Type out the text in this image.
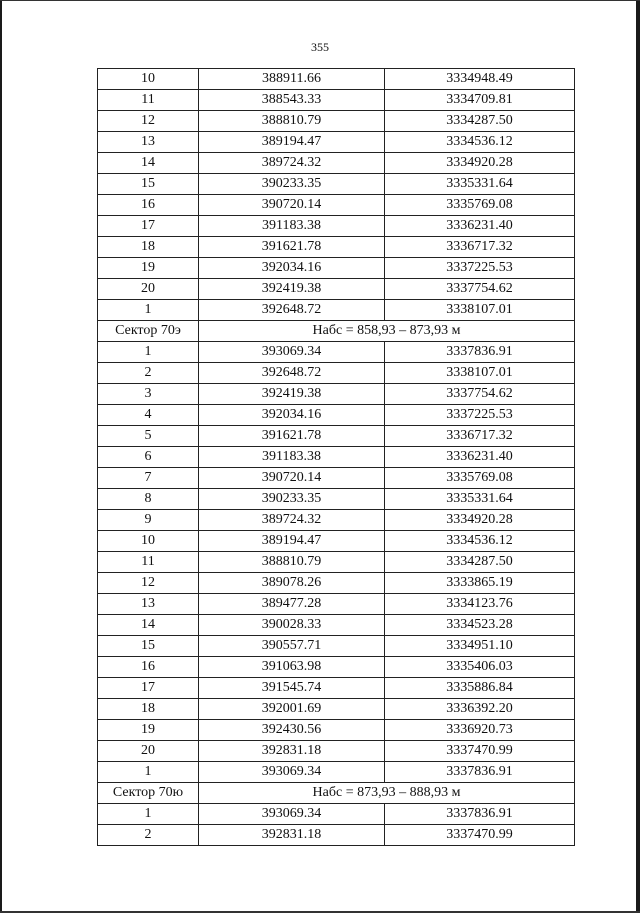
355
10	388911.66	3334948.49
11	388543.33	3334709.81
12	388810.79	3334287.50
13	389194.47	3334536.12
14	389724.32	3334920.28
15	390233.35	3335331.64
16	390720.14	3335769.08
17	391183.38	3336231.40
18	391621.78	3336717.32
19	392034.16	3337225.53
20	392419.38	3337754.62
1	392648.72	3338107.01
Сектор 70э	Набс = 858,93 – 873,93 м	
1	393069.34	3337836.91
2	392648.72	3338107.01
3	392419.38	3337754.62
4	392034.16	3337225.53
5	391621.78	3336717.32
6	391183.38	3336231.40
7	390720.14	3335769.08
8	390233.35	3335331.64
9	389724.32	3334920.28
10	389194.47	3334536.12
11	388810.79	3334287.50
12	389078.26	3333865.19
13	389477.28	3334123.76
14	390028.33	3334523.28
15	390557.71	3334951.10
16	391063.98	3335406.03
17	391545.74	3335886.84
18	392001.69	3336392.20
19	392430.56	3336920.73
20	392831.18	3337470.99
1	393069.34	3337836.91
Сектор 70ю	Набс = 873,93 – 888,93 м	
1	393069.34	3337836.91
2	392831.18	3337470.99
